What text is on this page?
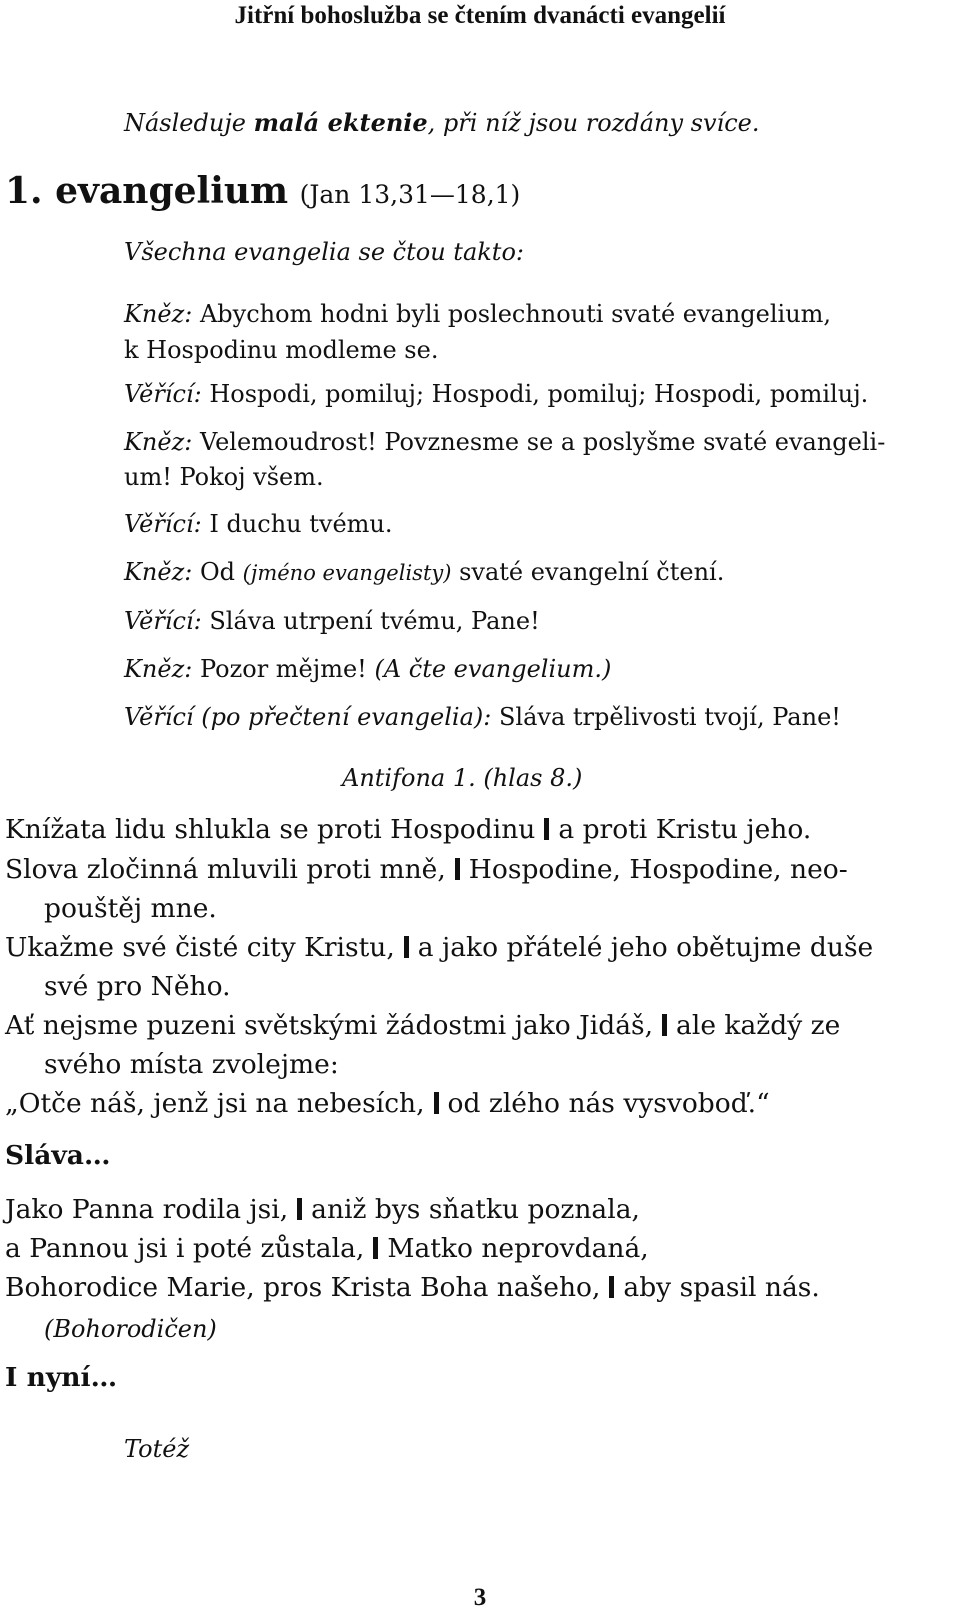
Jitřní bohoslužba se čtením dvanácti evangelií
Následuje malá ektenie, při níž jsou rozdány svíce.
1. evangelium (Jan 13,31—18,1)
Všechna evangelia se čtou takto:
Kněz: Abychom hodni byli poslechnouti svaté evangelium,
k Hospodinu modleme se.
Věřící: Hospodi, pomiluj; Hospodi, pomiluj; Hospodi, pomiluj.
Kněz: Velemoudrost! Povznesme se a poslyšme svaté evangeli-
um! Pokoj všem.
Věřící: I duchu tvému.
Kněz: Od (jméno evangelisty) svaté evangelní čtení.
Věřící: Sláva utrpení tvému, Pane!
Kněz: Pozor mějme! (A čte evangelium.)
Věřící (po přečtení evangelia): Sláva trpělivosti tvojí, Pane!
Antifona 1. (hlas 8.)
Knížata lidu shlukla se proti Hospodinu a proti Kristu jeho.
Slova zločinná mluvili proti mně, Hospodine, Hospodine, neo-
pouštěj mne.
Ukažme své čisté city Kristu, a jako přátelé jeho obětujme duše
své pro Něho.
Ať nejsme puzeni světskými žádostmi jako Jidáš, ale každý ze
svého místa zvolejme:
„Otče náš, jenž jsi na nebesích, od zlého nás vysvoboď.“
Sláva…
Jako Panna rodila jsi, aniž bys sňatku poznala,
a Pannou jsi i poté zůstala, Matko neprovdaná,
Bohorodice Marie, pros Krista Boha našeho, aby spasil nás.
(Bohorodičen)
I nyní…
Totéž
3
